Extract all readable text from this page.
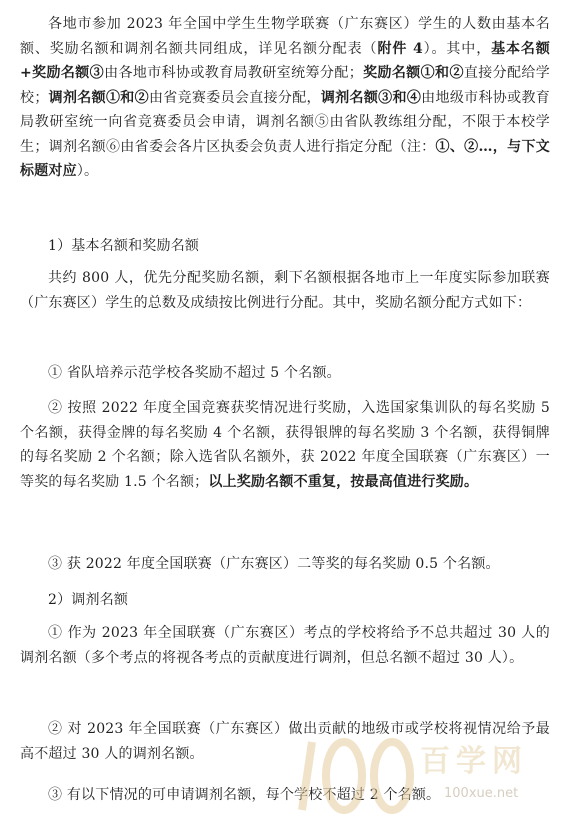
各地市参加 2023 年全国中学生生物学联赛（广东赛区）学生的人数由基本名额、奖励名额和调剂名额共同组成，详见名额分配表（附件 4）。其中，基本名额+奖励名额③由各地市科协或教育局教研室统筹分配；奖励名额①和②直接分配给学校；调剂名额①和②由省竞赛委员会直接分配，调剂名额③和④由地级市科协或教育局教研室统一向省竞赛委员会申请，调剂名额⑤由省队教练组分配，不限于本校学生；调剂名额⑥由省委会各片区执委会负责人进行指定分配（注：①、②…，与下文标题对应）。

1）基本名额和奖励名额

共约 800 人，优先分配奖励名额，剩下名额根据各地市上一年度实际参加联赛（广东赛区）学生的总数及成绩按比例进行分配。其中，奖励名额分配方式如下：

① 省队培养示范学校各奖励不超过 5 个名额。

② 按照 2022 年度全国竞赛获奖情况进行奖励，入选国家集训队的每名奖励 5 个名额，获得金牌的每名奖励 4 个名额，获得银牌的每名奖励 3 个名额，获得铜牌的每名奖励 2 个名额；除入选省队名额外，获 2022 年度全国联赛（广东赛区）一等奖的每名奖励 1.5 个名额；以上奖励名额不重复，按最高值进行奖励。

③ 获 2022 年度全国联赛（广东赛区）二等奖的每名奖励 0.5 个名额。

2）调剂名额

① 作为 2023 年全国联赛（广东赛区）考点的学校将给予不总共超过 30 人的调剂名额（多个考点的将视各考点的贡献度进行调剂，但总名额不超过 30 人）。

② 对 2023 年全国联赛（广东赛区）做出贡献的地级市或学校将视情况给予最高不超过 30 人的调剂名额。

③ 有以下情况的可申请调剂名额，每个学校不超过 2 个名额。

百学网
100xue.net
